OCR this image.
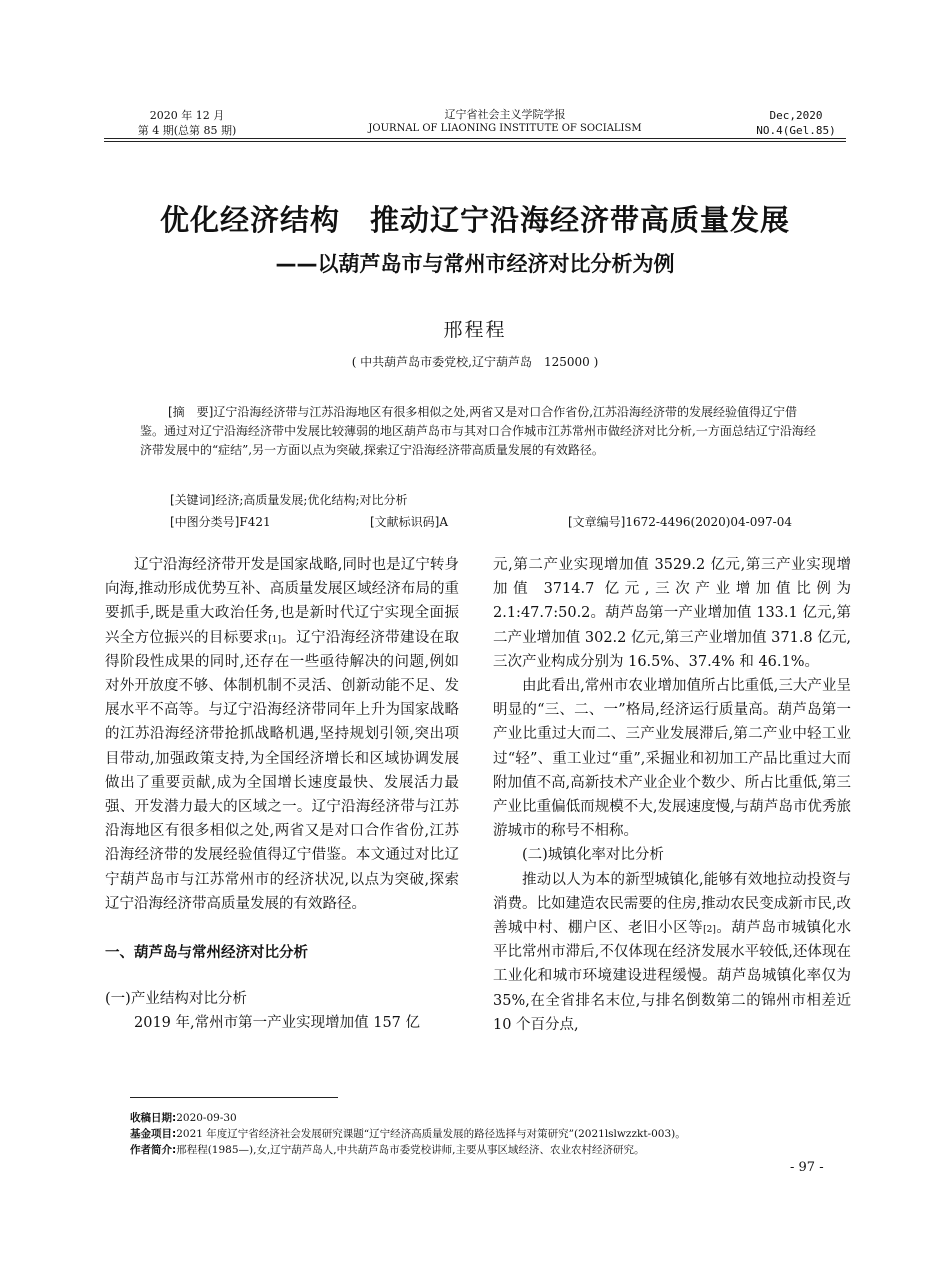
2020 年 12 月
第 4 期(总第 85 期)
辽宁省社会主义学院学报
JOURNAL OF LIAONING INSTITUTE OF SOCIALISM
Dec,2020
NO.4(Gel.85)
优化经济结构　推动辽宁沿海经济带高质量发展
——以葫芦岛市与常州市经济对比分析为例
邢程程
( 中共葫芦岛市委党校,辽宁葫芦岛　125000 )
[摘　要]辽宁沿海经济带与江苏沿海地区有很多相似之处,两省又是对口合作省份,江苏沿海经济带的发展经验值得辽宁借鉴。通过对辽宁沿海经济带中发展比较薄弱的地区葫芦岛市与其对口合作城市江苏常州市做经济对比分析,一方面总结辽宁沿海经济带发展中的“症结”,另一方面以点为突破,探索辽宁沿海经济带高质量发展的有效路径。
[关键词]经济;高质量发展;优化结构;对比分析
[中图分类号]F421	[文献标识码]A	[文章编号]1672-4496(2020)04-097-04

辽宁沿海经济带开发是国家战略,同时也是辽宁转身向海,推动形成优势互补、高质量发展区域经济布局的重要抓手,既是重大政治任务,也是新时代辽宁实现全面振兴全方位振兴的目标要求[1]。辽宁沿海经济带建设在取得阶段性成果的同时,还存在一些亟待解决的问题,例如对外开放度不够、体制机制不灵活、创新动能不足、发展水平不高等。与辽宁沿海经济带同年上升为国家战略的江苏沿海经济带抢抓战略机遇,坚持规划引领,突出项目带动,加强政策支持,为全国经济增长和区域协调发展做出了重要贡献,成为全国增长速度最快、发展活力最强、开发潜力最大的区域之一。辽宁沿海经济带与江苏沿海地区有很多相似之处,两省又是对口合作省份,江苏沿海经济带的发展经验值得辽宁借鉴。本文通过对比辽宁葫芦岛市与江苏常州市的经济状况,以点为突破,探索辽宁沿海经济带高质量发展的有效路径。

一、葫芦岛与常州经济对比分析

(一)产业结构对比分析

2019 年,常州市第一产业实现增加值 157 亿

元,第二产业实现增加值 3529.2 亿元,第三产业实现增加值 3714.7 亿元,三次产业增加值比例为 2.1:47.7:50.2。葫芦岛第一产业增加值 133.1 亿元,第二产业增加值 302.2 亿元,第三产业增加值 371.8 亿元,三次产业构成分别为 16.5%、37.4% 和 46.1%。

由此看出,常州市农业增加值所占比重低,三大产业呈明显的“三、二、一”格局,经济运行质量高。葫芦岛第一产业比重过大而二、三产业发展滞后,第二产业中轻工业过“轻”、重工业过“重”,采掘业和初加工产品比重过大而附加值不高,高新技术产业企业个数少、所占比重低,第三产业比重偏低而规模不大,发展速度慢,与葫芦岛市优秀旅游城市的称号不相称。

(二)城镇化率对比分析

推动以人为本的新型城镇化,能够有效地拉动投资与消费。比如建造农民需要的住房,推动农民变成新市民,改善城中村、棚户区、老旧小区等[2]。葫芦岛市城镇化水平比常州市滞后,不仅体现在经济发展水平较低,还体现在工业化和城市环境建设进程缓慢。葫芦岛城镇化率仅为 35%,在全省排名末位,与排名倒数第二的锦州市相差近 10 个百分点,

收稿日期:2020-09-30
基金项目:2021 年度辽宁省经济社会发展研究课题“辽宁经济高质量发展的路径选择与对策研究”(2021lslwzzkt-003)。
作者简介:邢程程(1985—),女,辽宁葫芦岛人,中共葫芦岛市委党校讲师,主要从事区域经济、农业农村经济研究。
- 97 -
